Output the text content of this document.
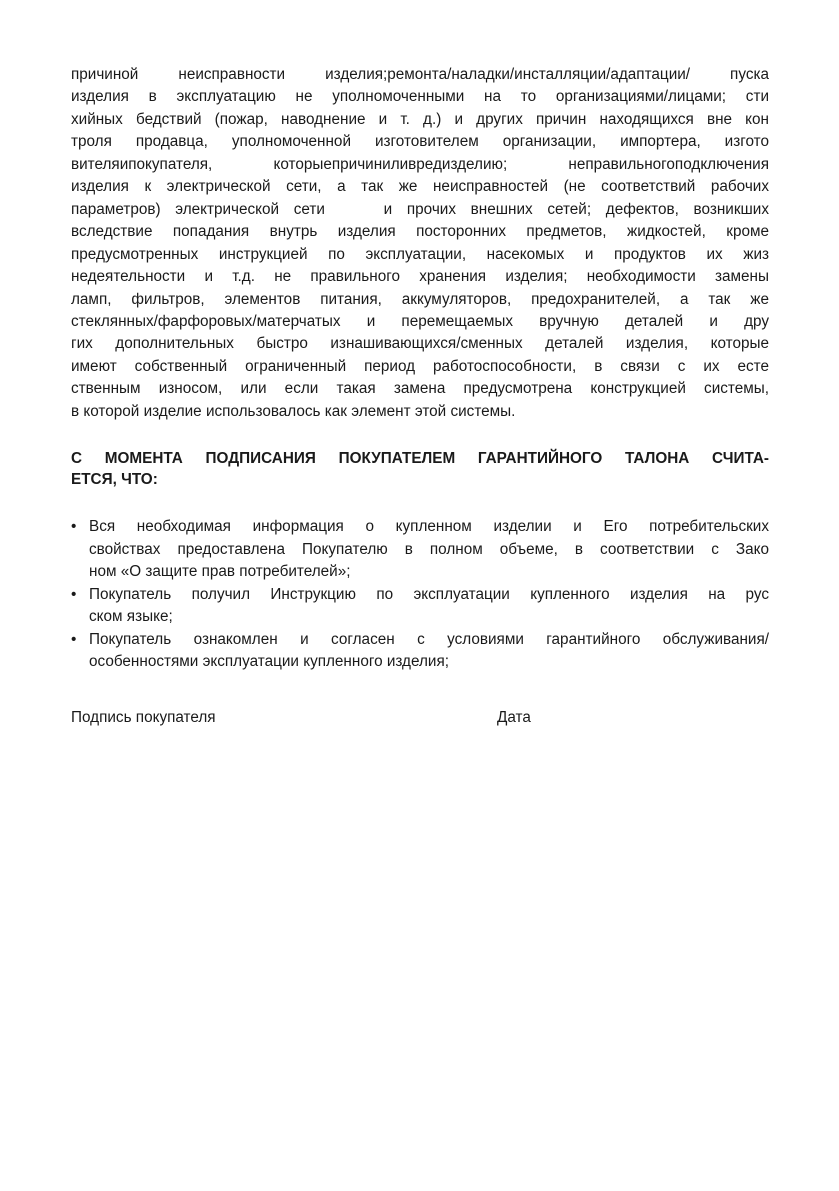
причиной неисправности изделия;ремонта/наладки/инсталляции/адаптации/ пуска
изделия в эксплуатацию не уполномоченными на то организациями/лицами; сти
хийных бедствий (пожар, наводнение и т. д.) и других причин находящихся вне кон
троля продавца, уполномоченной изготовителем организации, импортера, изгото
вителяипокупателя, которыепричиниливредизделию; неправильногоподключения
изделия к электрической сети, а так же неисправностей (не соответствий рабочих
параметров) электрической сети    и прочих внешних сетей; дефектов, возникших
вследствие попадания внутрь изделия посторонних предметов, жидкостей, кроме
предусмотренных инструкцией по эксплуатации, насекомых и продуктов их жиз
недеятельности и т.д. не правильного хранения изделия; необходимости замены
ламп, фильтров, элементов питания, аккумуляторов, предохранителей, а так же
стеклянных/фарфоровых/матерчатых и перемещаемых вручную деталей и дру
гих дополнительных быстро изнашивающихся/сменных деталей изделия, которые
имеют собственный ограниченный период работоспособности, в связи с их есте
ственным износом, или если такая замена предусмотрена конструкцией системы,
в которой изделие использовалось как элемент этой системы.
С МОМЕНТА ПОДПИСАНИЯ ПОКУПАТЕЛЕМ ГАРАНТИЙНОГО ТАЛОНА СЧИТА-
ЕТСЯ, ЧТО:
• Вся необходимая информация о купленном изделии и Его потребительских
свойствах предоставлена Покупателю в полном объеме, в соответствии с Зако
ном «О защите прав потребителей»;
• Покупатель получил Инструкцию по эксплуатации купленного изделия на рус
ском языке;
• Покупатель ознакомлен и согласен с условиями гарантийного обслуживания/
особенностями эксплуатации купленного изделия;
Подпись покупателя	Дата
